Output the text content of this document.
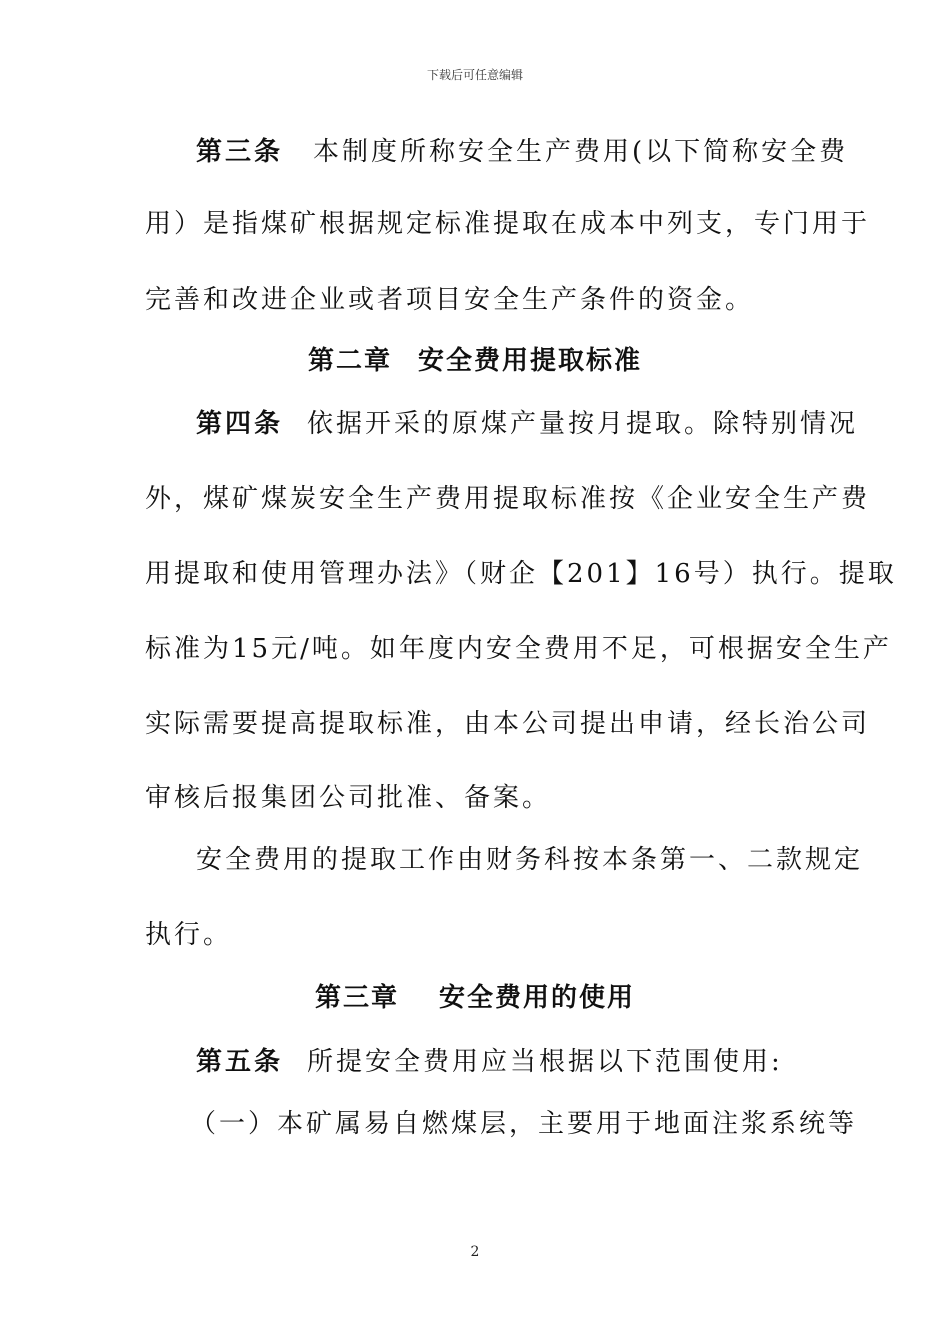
下载后可任意编辑
第三条 本制度所称安全生产费用(以下简称安全费
用）是指煤矿根据规定标准提取在成本中列支，专门用于
完善和改进企业或者项目安全生产条件的资金。
第二章 安全费用提取标准
第四条 依据开采的原煤产量按月提取。除特别情况
外，煤矿煤炭安全生产费用提取标准按《企业安全生产费
用提取和使用管理办法》（财企【201】16号）执行。提取
标准为15元/吨。如年度内安全费用不足，可根据安全生产
实际需要提高提取标准，由本公司提出申请，经长治公司
审核后报集团公司批准、备案。
安全费用的提取工作由财务科按本条第一、二款规定
执行。
第三章 安全费用的使用
第五条 所提安全费用应当根据以下范围使用:
（一）本矿属易自燃煤层，主要用于地面注浆系统等
2
